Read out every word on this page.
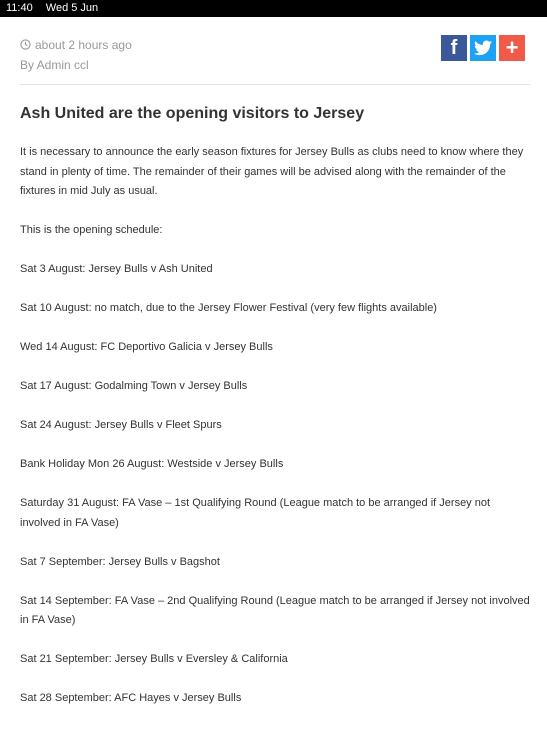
11:40 Wed 5 Jun
about 2 hours ago
By Admin ccl
f +
Ash United are the opening visitors to Jersey

It is necessary to announce the early season fixtures for Jersey Bulls as clubs need to know where they stand in plenty of time. The remainder of their games will be advised along with the remainder of the fixtures in mid July as usual.

This is the opening schedule:

Sat 3 August: Jersey Bulls v Ash United

Sat 10 August: no match, due to the Jersey Flower Festival (very few flights available)

Wed 14 August: FC Deportivo Galicia v Jersey Bulls

Sat 17 August: Godalming Town v Jersey Bulls

Sat 24 August: Jersey Bulls v Fleet Spurs

Bank Holiday Mon 26 August: Westside v Jersey Bulls

Saturday 31 August: FA Vase – 1st Qualifying Round (League match to be arranged if Jersey not involved in FA Vase)

Sat 7 September: Jersey Bulls v Bagshot

Sat 14 September: FA Vase – 2nd Qualifying Round (League match to be arranged if Jersey not involved in FA Vase)

Sat 21 September: Jersey Bulls v Eversley & California

Sat 28 September: AFC Hayes v Jersey Bulls
